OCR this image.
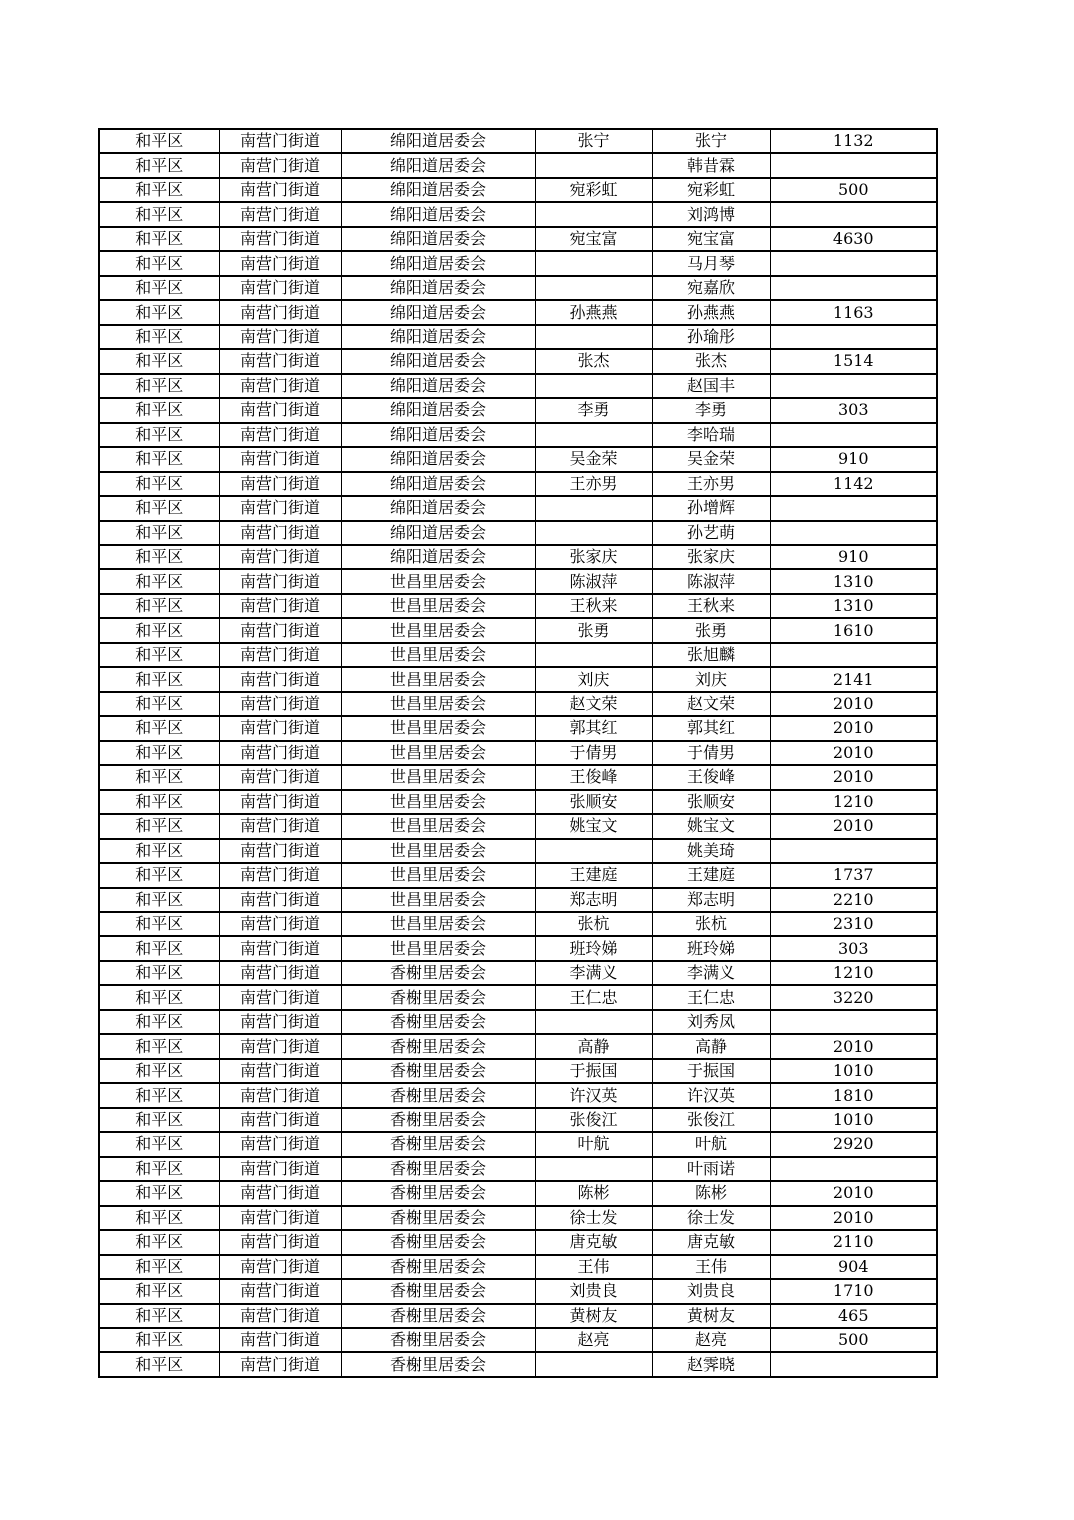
和平区	南营门街道	绵阳道居委会	张宁	张宁	1132
和平区	南营门街道	绵阳道居委会		韩昔霖	
和平区	南营门街道	绵阳道居委会	宛彩虹	宛彩虹	500
和平区	南营门街道	绵阳道居委会		刘鸿博	
和平区	南营门街道	绵阳道居委会	宛宝富	宛宝富	4630
和平区	南营门街道	绵阳道居委会		马月琴	
和平区	南营门街道	绵阳道居委会		宛嘉欣	
和平区	南营门街道	绵阳道居委会	孙燕燕	孙燕燕	1163
和平区	南营门街道	绵阳道居委会		孙瑜彤	
和平区	南营门街道	绵阳道居委会	张杰	张杰	1514
和平区	南营门街道	绵阳道居委会		赵国丰	
和平区	南营门街道	绵阳道居委会	李勇	李勇	303
和平区	南营门街道	绵阳道居委会		李哈瑞	
和平区	南营门街道	绵阳道居委会	吴金荣	吴金荣	910
和平区	南营门街道	绵阳道居委会	王亦男	王亦男	1142
和平区	南营门街道	绵阳道居委会		孙增辉	
和平区	南营门街道	绵阳道居委会		孙艺萌	
和平区	南营门街道	绵阳道居委会	张家庆	张家庆	910
和平区	南营门街道	世昌里居委会	陈淑萍	陈淑萍	1310
和平区	南营门街道	世昌里居委会	王秋来	王秋来	1310
和平区	南营门街道	世昌里居委会	张勇	张勇	1610
和平区	南营门街道	世昌里居委会		张旭麟	
和平区	南营门街道	世昌里居委会	刘庆	刘庆	2141
和平区	南营门街道	世昌里居委会	赵文荣	赵文荣	2010
和平区	南营门街道	世昌里居委会	郭其红	郭其红	2010
和平区	南营门街道	世昌里居委会	于倩男	于倩男	2010
和平区	南营门街道	世昌里居委会	王俊峰	王俊峰	2010
和平区	南营门街道	世昌里居委会	张顺安	张顺安	1210
和平区	南营门街道	世昌里居委会	姚宝文	姚宝文	2010
和平区	南营门街道	世昌里居委会		姚美琦	
和平区	南营门街道	世昌里居委会	王建庭	王建庭	1737
和平区	南营门街道	世昌里居委会	郑志明	郑志明	2210
和平区	南营门街道	世昌里居委会	张杭	张杭	2310
和平区	南营门街道	世昌里居委会	班玲娣	班玲娣	303
和平区	南营门街道	香榭里居委会	李满义	李满义	1210
和平区	南营门街道	香榭里居委会	王仁忠	王仁忠	3220
和平区	南营门街道	香榭里居委会		刘秀凤	
和平区	南营门街道	香榭里居委会	高静	高静	2010
和平区	南营门街道	香榭里居委会	于振国	于振国	1010
和平区	南营门街道	香榭里居委会	许汉英	许汉英	1810
和平区	南营门街道	香榭里居委会	张俊江	张俊江	1010
和平区	南营门街道	香榭里居委会	叶航	叶航	2920
和平区	南营门街道	香榭里居委会		叶雨诺	
和平区	南营门街道	香榭里居委会	陈彬	陈彬	2010
和平区	南营门街道	香榭里居委会	徐士发	徐士发	2010
和平区	南营门街道	香榭里居委会	唐克敏	唐克敏	2110
和平区	南营门街道	香榭里居委会	王伟	王伟	904
和平区	南营门街道	香榭里居委会	刘贵良	刘贵良	1710
和平区	南营门街道	香榭里居委会	黄树友	黄树友	465
和平区	南营门街道	香榭里居委会	赵亮	赵亮	500
和平区	南营门街道	香榭里居委会		赵霁晓	
